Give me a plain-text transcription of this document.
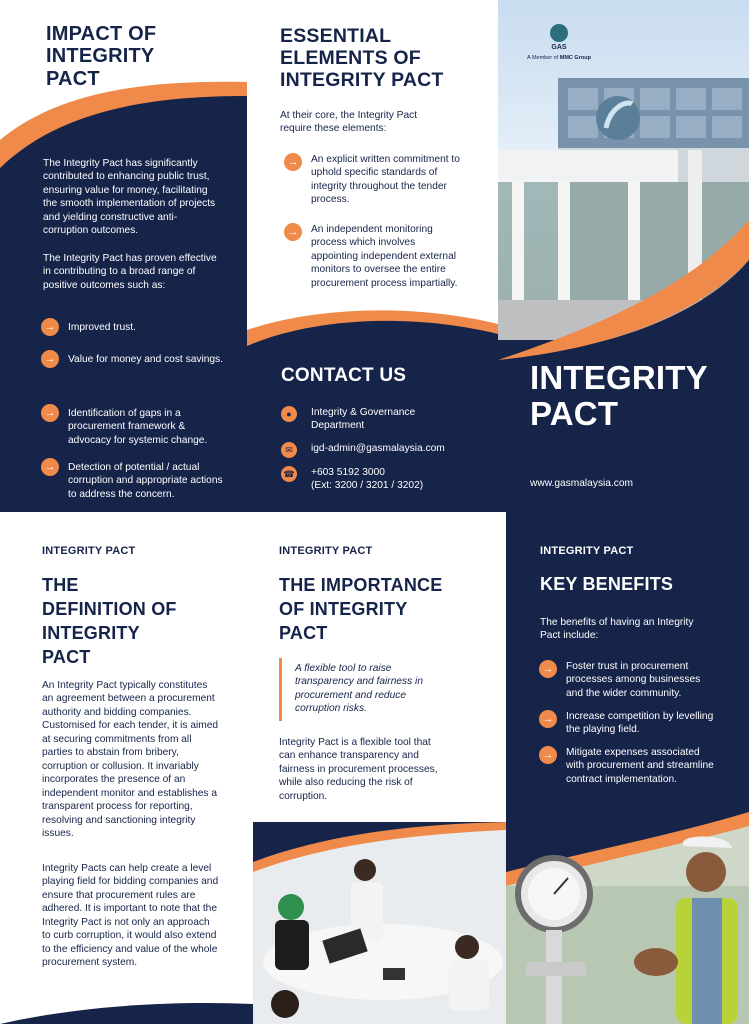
IMPACT OF
INTEGRITY
PACT

The Integrity Pact has significantly contributed to enhancing public trust, ensuring value for money, facilitating the smooth implementation of projects and yielding constructive anti-corruption outcomes.

The Integrity Pact has proven effective in contributing to a broad range of positive outcomes such as:

→	Improved trust.
→	Value for money and cost savings.
→	Identification of gaps in a procurement framework & advocacy for systemic change.
→	Detection of potential / actual corruption and appropriate actions to address the concern.
ESSENTIAL
ELEMENTS OF
INTEGRITY PACT

At their core, the Integrity Pact require these elements:

→	An explicit written commitment to uphold specific standards of integrity throughout the tender process.
→	An independent monitoring process which involves appointing independent external monitors to oversee the entire procurement process impartially.
CONTACT US
●	Integrity & Governance Department
✉	igd-admin@gasmalaysia.com
☎ +603 5192 3000
(Ext: 3200 / 3201 / 3202)
GAS
A Member of MMC Group
INTEGRITY
PACT
www.gasmalaysia.com
INTEGRITY PACT
THE
DEFINITION OF
INTEGRITY
PACT

An Integrity Pact typically constitutes an agreement between a procurement authority and bidding companies. Customised for each tender, it is aimed at securing commitments from all parties to abstain from bribery, corruption or collusion. It invariably incorporates the presence of an independent monitor and establishes a transparent process for reporting, resolving and sanctioning integrity issues.

Integrity Pacts can help create a level playing field for bidding companies and ensure that procurement rules are adhered. It is important to note that the Integrity Pact is not only an approach to curb corruption, it would also extend to the efficiency and value of the whole procurement system.

INTEGRITY PACT
THE IMPORTANCE
OF INTEGRITY
PACT

A flexible tool to raise transparency and fairness in procurement and reduce corruption risks.

Integrity Pact is a flexible tool that can enhance transparency and fairness in procurement processes, while also reducing the risk of corruption.

INTEGRITY PACT
KEY BENEFITS

The benefits of having an Integrity Pact include:

→	Foster trust in procurement processes among businesses and the wider community.
→	Increase competition by levelling the playing field.
→	Mitigate expenses associated with procurement and streamline contract implementation.
